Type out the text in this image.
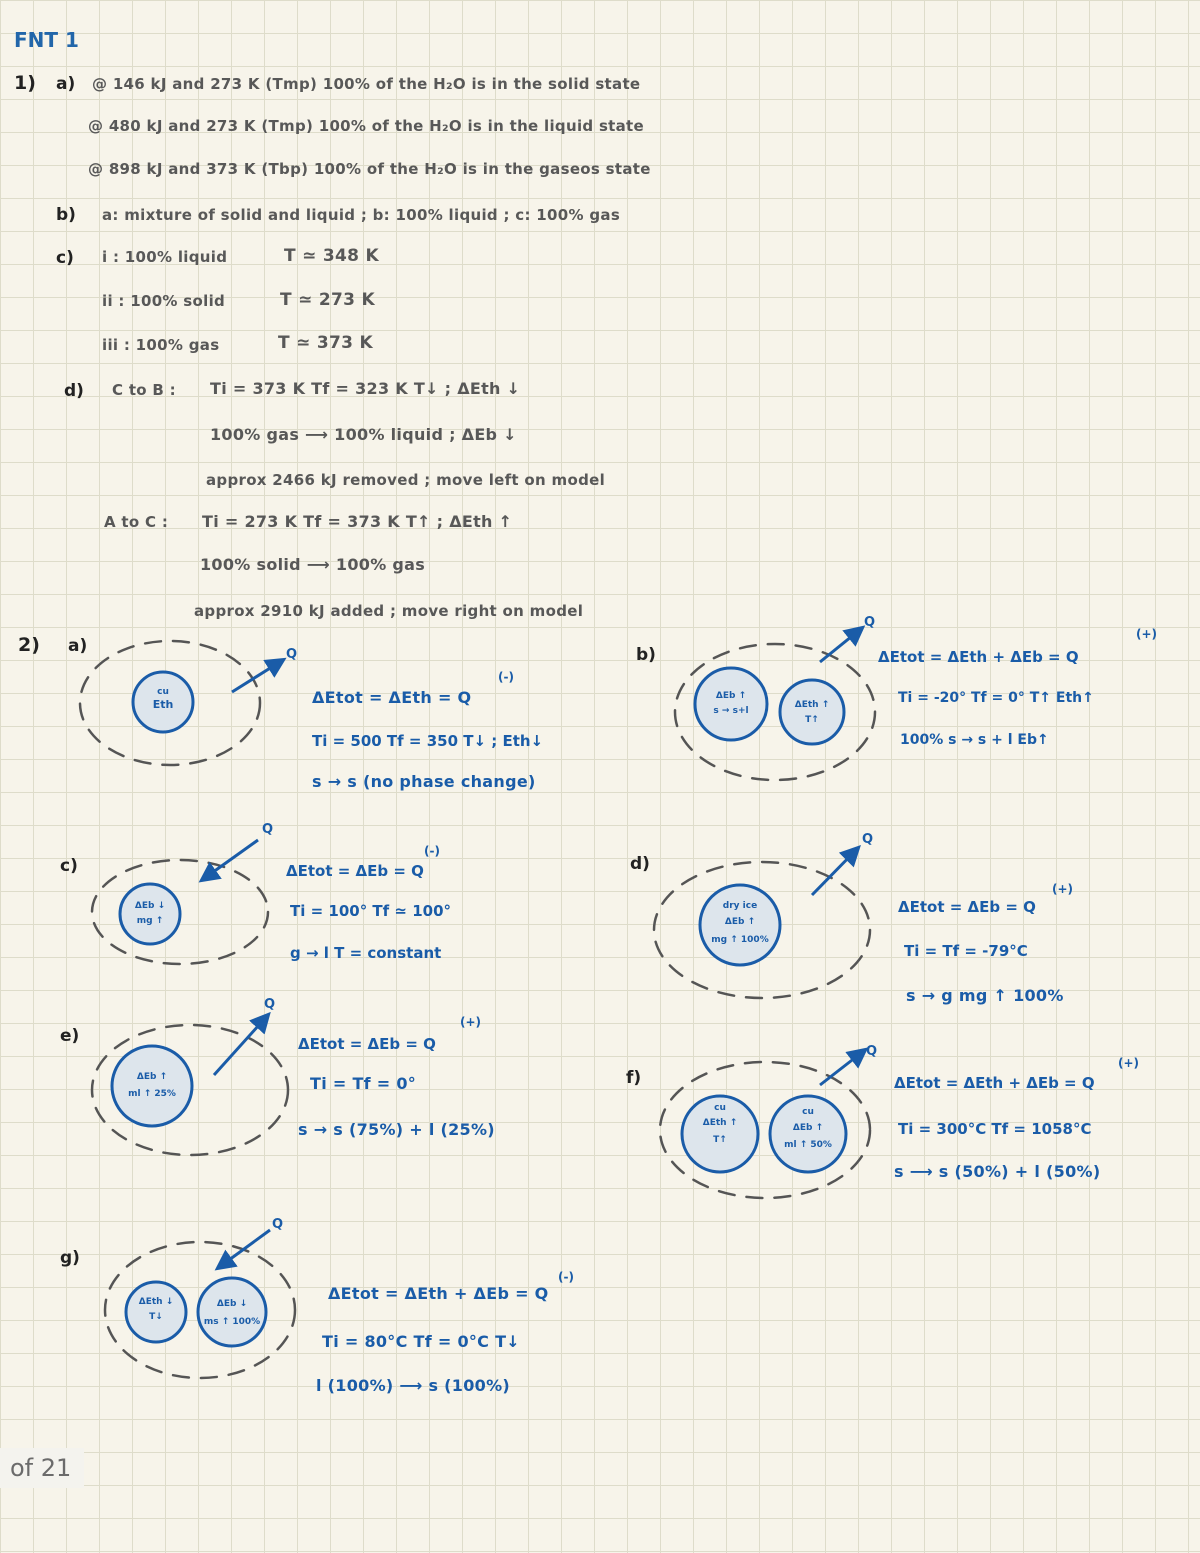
FNT 1
1) a) @ 146 kJ and 273 K (Tmp) 100% of the H₂O is in the solid state
@ 480 kJ and 273 K (Tmp) 100% of the H₂O is in the liquid state
@ 898 kJ and 373 K (Tbp) 100% of the H₂O is in the gaseos state
b) a: mixture of solid and liquid ; b: 100% liquid ; c: 100% gas
c) i : 100% liquid	T ≃ 348 K
ii : 100% solid	T ≃ 273 K
iii : 100% gas	T ≃ 373 K
d) C to B : Ti = 373 K Tf = 323 K T↓ ; ΔEth ↓
100% gas ⟶ 100% liquid ; ΔEb ↓
approx 2466 kJ removed ; move left on model
A to C : Ti = 273 K Tf = 373 K T↑ ; ΔEth ↑
100% solid ⟶ 100% gas
approx 2910 kJ added ; move right on model
Q
Q
Q
Q
Q
Q
Q
cu
Eth
ΔEb ↑
s → s+l
ΔEth ↑
T↑
ΔEb ↓
mg ↑
dry ice
ΔEb ↑
mg ↑ 100%
ΔEb ↑
ml ↑ 25%
cu
ΔEth ↑
T↑
cu
ΔEb ↑
ml ↑ 50%
ΔEth ↓
T↓
ΔEb ↓
ms ↑ 100%
2) a)
(-)
ΔEtot = ΔEth = Q
Ti = 500 Tf = 350 T↓ ; Eth↓
s → s (no phase change)
b)
(+)
ΔEtot = ΔEth + ΔEb = Q
Ti = -20° Tf = 0° T↑ Eth↑
100% s → s + l Eb↑
c)
(-)
ΔEtot = ΔEb = Q
Ti = 100° Tf ≃ 100°
g → l T = constant
d)
(+)
ΔEtot = ΔEb = Q
Ti = Tf = -79°C
s → g mg ↑ 100%
e)
(+)
ΔEtot = ΔEb = Q
Ti = Tf = 0°
s → s (75%) + l (25%)
f)
(+)
ΔEtot = ΔEth + ΔEb = Q
Ti = 300°C Tf = 1058°C
s ⟶ s (50%) + l (50%)
g)
(-)
ΔEtot = ΔEth + ΔEb = Q
Ti = 80°C Tf = 0°C T↓
l (100%) ⟶ s (100%)
of 21
